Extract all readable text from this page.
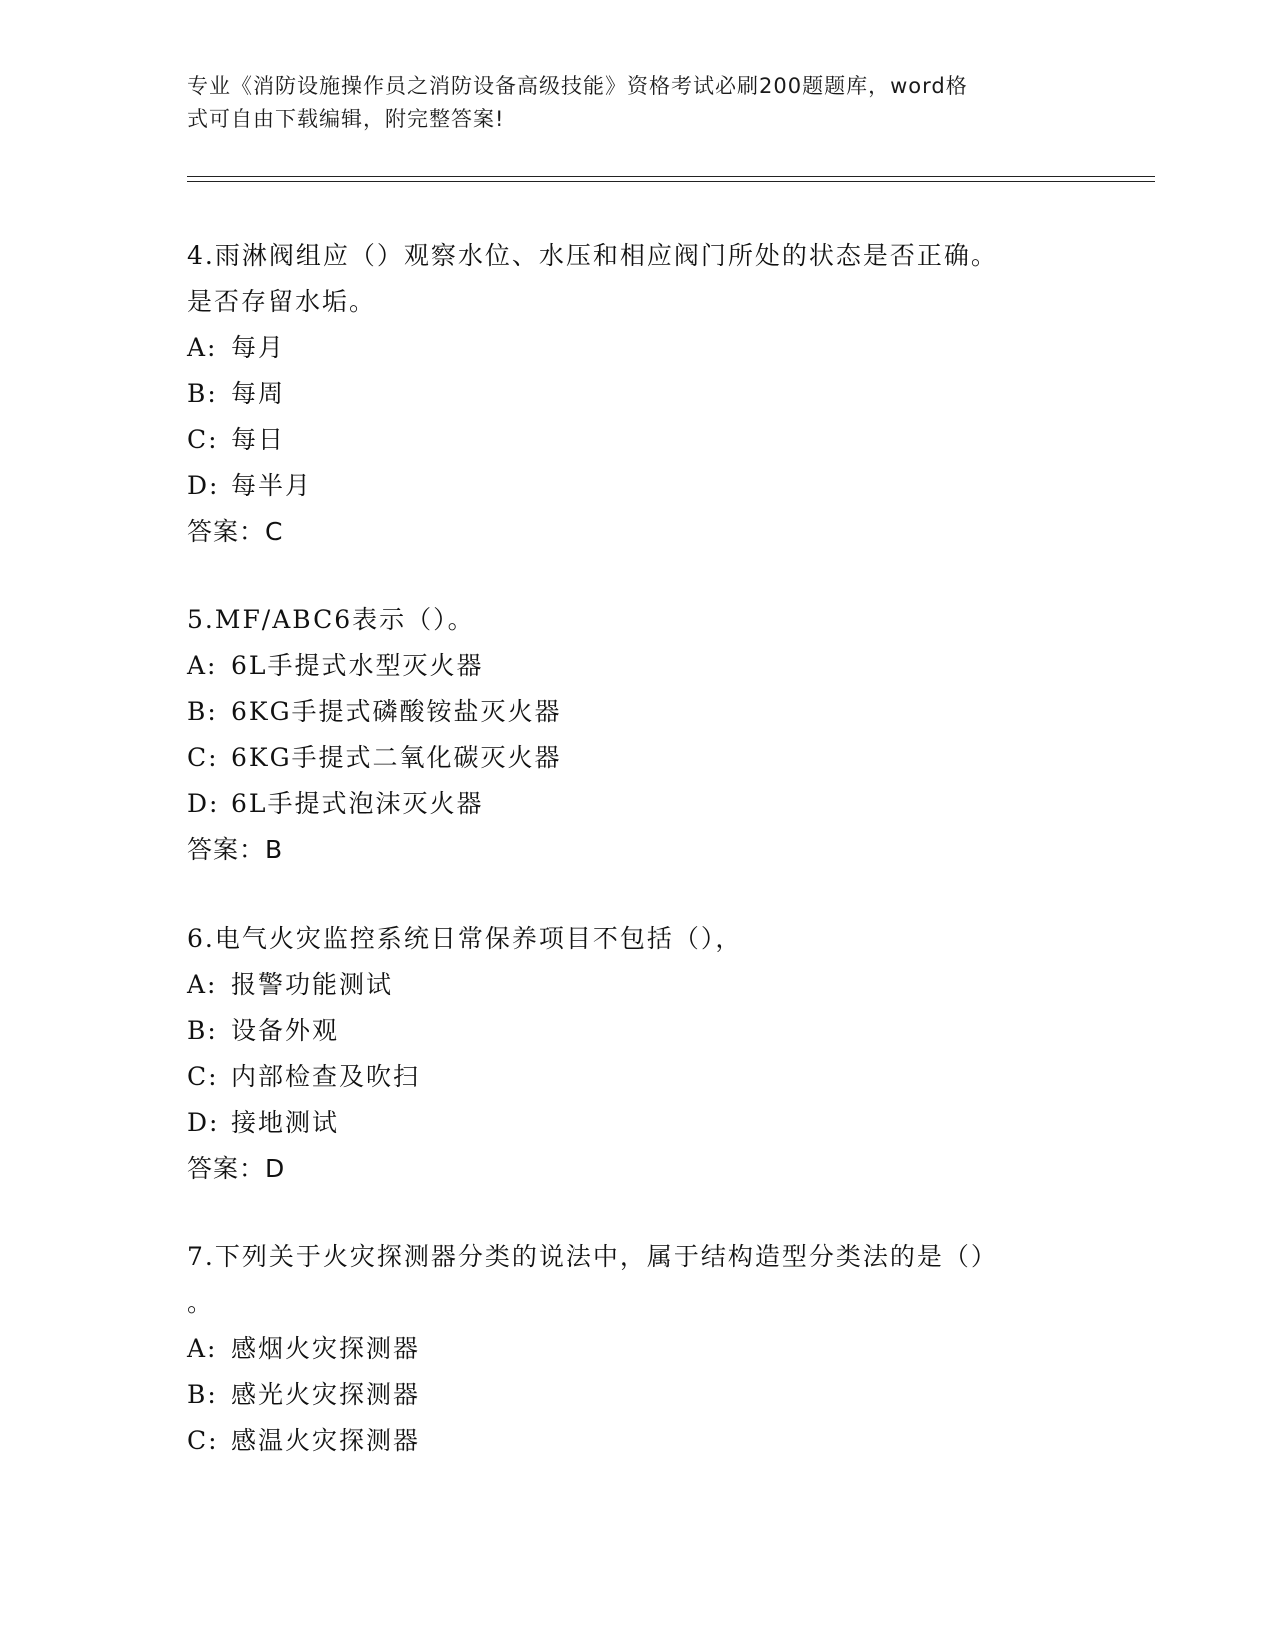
专业《消防设施操作员之消防设备高级技能》资格考试必刷200题题库，word格
式可自由下载编辑，附完整答案!

4.雨淋阀组应（）观察水位、水压和相应阀门所处的状态是否正确。

是否存留水垢。

A: 每月

B: 每周

C: 每日

D: 每半月

答案：C

5.MF/ABC6表示（）。

A: 6L手提式水型灭火器

B: 6KG手提式磷酸铵盐灭火器

C: 6KG手提式二氧化碳灭火器

D: 6L手提式泡沫灭火器

答案：B

6.电气火灾监控系统日常保养项目不包括（），

A: 报警功能测试

B: 设备外观

C: 内部检查及吹扫

D: 接地测试

答案：D

7.下列关于火灾探测器分类的说法中，属于结构造型分类法的是（）

。

A: 感烟火灾探测器

B: 感光火灾探测器

C: 感温火灾探测器
